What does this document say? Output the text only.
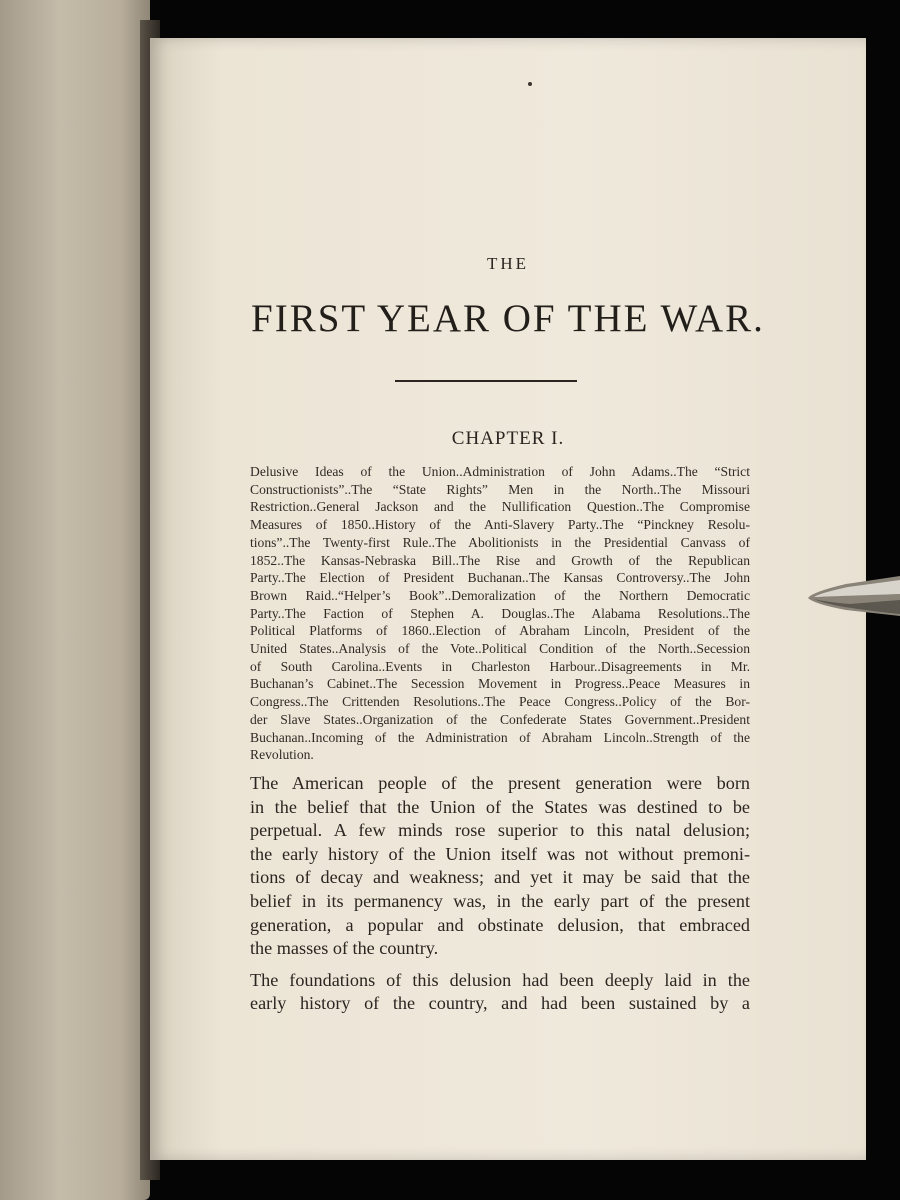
THE
FIRST YEAR OF THE WAR.
CHAPTER I.

Delusive Ideas of the Union..Administration of John Adams..The “Strict
Constructionists”..The “State Rights” Men in the North..The Missouri
Restriction..General Jackson and the Nullification Question..The Compromise
Measures of 1850..History of the Anti-Slavery Party..The “Pinckney Resolu-
tions”..The Twenty-first Rule..The Abolitionists in the Presidential Canvass of
1852..The Kansas-Nebraska Bill..The Rise and Growth of the Republican
Party..The Election of President Buchanan..The Kansas Controversy..The John
Brown Raid..“Helper’s Book”..Demoralization of the Northern Democratic
Party..The Faction of Stephen A. Douglas..The Alabama Resolutions..The
Political Platforms of 1860..Election of Abraham Lincoln, President of the
United States..Analysis of the Vote..Political Condition of the North..Secession
of South Carolina..Events in Charleston Harbour..Disagreements in Mr.
Buchanan’s Cabinet..The Secession Movement in Progress..Peace Measures in
Congress..The Crittenden Resolutions..The Peace Congress..Policy of the Bor-
der Slave States..Organization of the Confederate States Government..President
Buchanan..Incoming of the Administration of Abraham Lincoln..Strength of the
Revolution.

The American people of the present generation were born
in the belief that the Union of the States was destined to be
perpetual. A few minds rose superior to this natal delusion;
the early history of the Union itself was not without premoni-
tions of decay and weakness; and yet it may be said that the
belief in its permanency was, in the early part of the present
generation, a popular and obstinate delusion, that embraced
the masses of the country.
The foundations of this delusion had been deeply laid in the
early history of the country, and had been sustained by a
